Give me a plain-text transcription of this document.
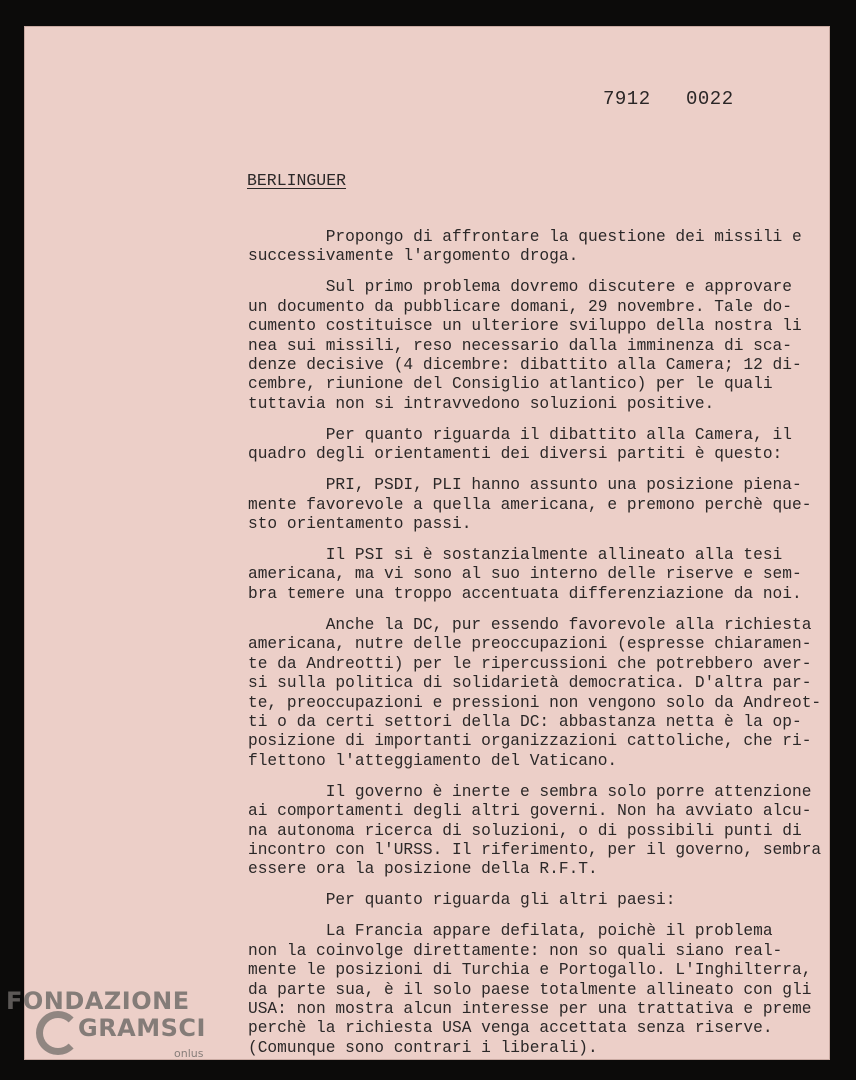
7912 0022
BERLINGUER

Propongo di affrontare la questione dei missili e
successivamente l'argomento droga.

Sul primo problema dovremo discutere e approvare
un documento da pubblicare domani, 29 novembre. Tale do-
cumento costituisce un ulteriore sviluppo della nostra li
nea sui missili, reso necessario dalla imminenza di sca-
denze decisive (4 dicembre: dibattito alla Camera; 12 di-
cembre, riunione del Consiglio atlantico) per le quali
tuttavia non si intravvedono soluzioni positive.

Per quanto riguarda il dibattito alla Camera, il
quadro degli orientamenti dei diversi partiti è questo:

PRI, PSDI, PLI hanno assunto una posizione piena-
mente favorevole a quella americana, e premono perchè que-
sto orientamento passi.

Il PSI si è sostanzialmente allineato alla tesi
americana, ma vi sono al suo interno delle riserve e sem-
bra temere una troppo accentuata differenziazione da noi.

Anche la DC, pur essendo favorevole alla richiesta
americana, nutre delle preoccupazioni (espresse chiaramen-
te da Andreotti) per le ripercussioni che potrebbero aver-
si sulla politica di solidarietà democratica. D'altra par-
te, preoccupazioni e pressioni non vengono solo da Andreot-
ti o da certi settori della DC: abbastanza netta è la op-
posizione di importanti organizzazioni cattoliche, che ri-
flettono l'atteggiamento del Vaticano.

Il governo è inerte e sembra solo porre attenzione
ai comportamenti degli altri governi. Non ha avviato alcu-
na autonoma ricerca di soluzioni, o di possibili punti di
incontro con l'URSS. Il riferimento, per il governo, sembra
essere ora la posizione della R.F.T.

Per quanto riguarda gli altri paesi:

La Francia appare defilata, poichè il problema
non la coinvolge direttamente: non so quali siano real-
mente le posizioni di Turchia e Portogallo. L'Inghilterra,
da parte sua, è il solo paese totalmente allineato con gli
USA: non mostra alcun interesse per una trattativa e preme
perchè la richiesta USA venga accettata senza riserve.
(Comunque sono contrari i liberali).

FONDAZIONE
GRAMSCI
onlus
